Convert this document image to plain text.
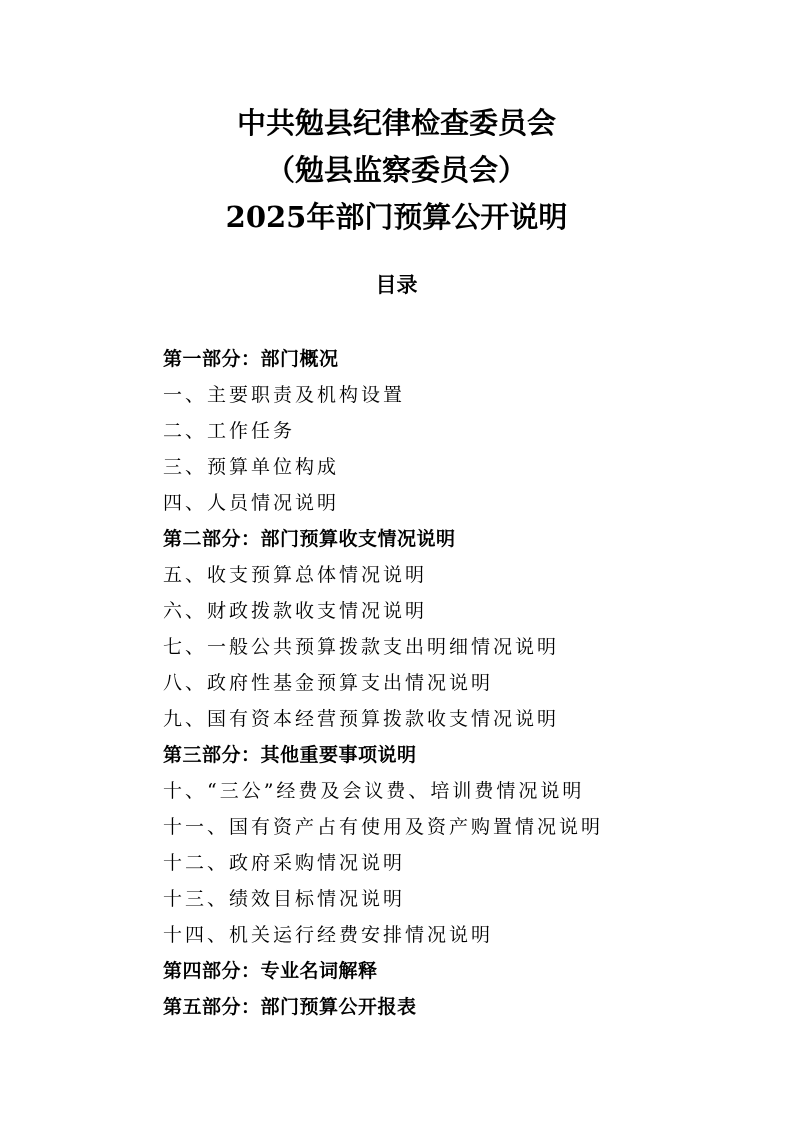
中共勉县纪律检查委员会
（勉县监察委员会）
2025年部门预算公开说明
目录
第一部分：部门概况
一、主要职责及机构设置
二、工作任务
三、预算单位构成
四、人员情况说明
第二部分：部门预算收支情况说明
五、收支预算总体情况说明
六、财政拨款收支情况说明
七、一般公共预算拨款支出明细情况说明
八、政府性基金预算支出情况说明
九、国有资本经营预算拨款收支情况说明
第三部分：其他重要事项说明
十、“三公”经费及会议费、培训费情况说明
十一、国有资产占有使用及资产购置情况说明
十二、政府采购情况说明
十三、绩效目标情况说明
十四、机关运行经费安排情况说明
第四部分：专业名词解释
第五部分：部门预算公开报表
